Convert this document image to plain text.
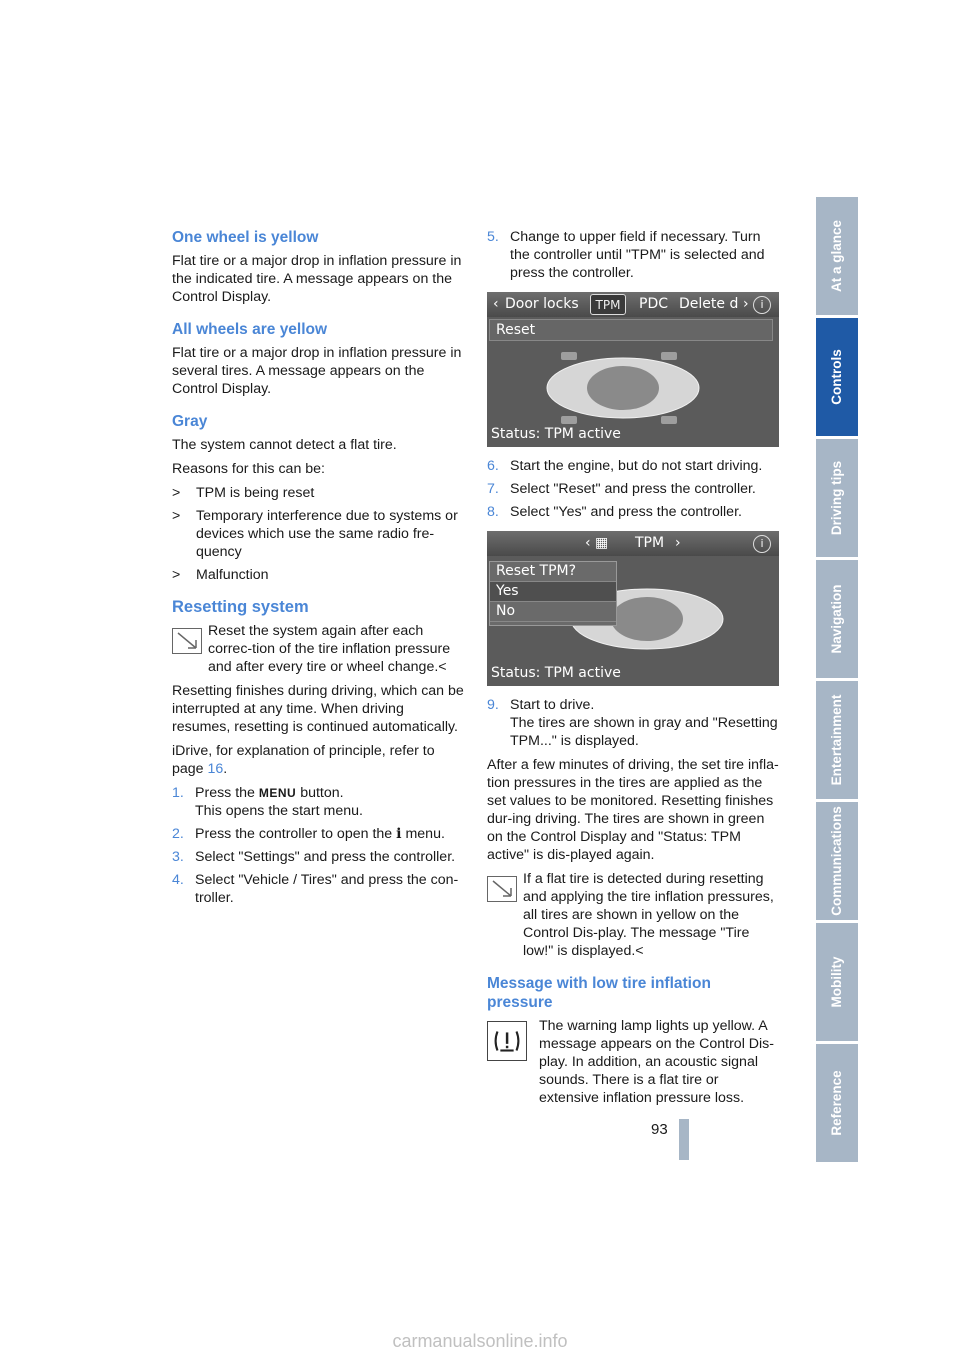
One wheel is yellow

Flat tire or a major drop in inflation pressure in the indicated tire. A message appears on the Control Display.

All wheels are yellow

Flat tire or a major drop in inflation pressure in several tires. A message appears on the Control Display.

Gray

The system cannot detect a flat tire.

Reasons for this can be:

> TPM is being reset
> Temporary interference due to systems or devices which use the same radio fre-quency
> Malfunction
Resetting system

Reset the system again after each correc-tion of the tire inflation pressure and after every tire or wheel change.<

Resetting finishes during driving, which can be interrupted at any time. When driving resumes, resetting is continued automatically.

iDrive, for explanation of principle, refer to page 16.

1. Press the MENU button.
This opens the start menu.
2. Press the controller to open the i menu.
3. Select "Settings" and press the controller.
4. Select "Vehicle / Tires" and press the con-troller.
5. Change to upper field if necessary. Turn the controller until "TPM" is selected and press the controller.
‹ Door locks	TPM	PDC Delete d ›	i
Reset
Status: TPM active
6. Start the engine, but do not start driving.
7. Select "Reset" and press the controller.
8. Select "Yes" and press the controller.
‹ ▦ TPM ›	i
Reset TPM?
Yes
No
Status: TPM active
9. Start to drive.
The tires are shown in gray and "Resetting TPM..." is displayed.

After a few minutes of driving, the set tire infla-tion pressures in the tires are applied as the set values to be monitored. Resetting finishes dur-ing driving. The tires are shown in green on the Control Display and "Status: TPM active" is dis-played again.

If a flat tire is detected during resetting and applying the tire inflation pressures, all tires are shown in yellow on the Control Dis-play. The message "Tire low!" is displayed.<

Message with low tire inflation pressure

The warning lamp lights up yellow. A message appears on the Control Dis-play. In addition, an acoustic signal sounds. There is a flat tire or extensive inflation pressure loss.

At a glance
Controls
Driving tips
Navigation
Entertainment
Communications
Mobility
Reference
93
carmanualsonline.info
